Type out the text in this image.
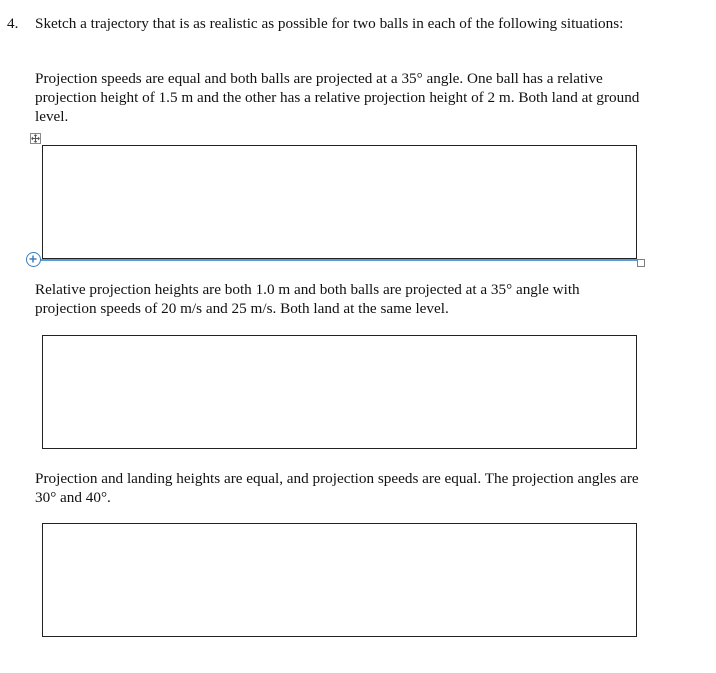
4. Sketch a trajectory that is as realistic as possible for two balls in each of the following situations:
Projection speeds are equal and both balls are projected at a 35° angle. One ball has a relative projection height of 1.5 m and the other has a relative projection height of 2 m. Both land at ground level.
Relative projection heights are both 1.0 m and both balls are projected at a 35° angle with projection speeds of 20 m/s and 25 m/s. Both land at the same level.
Projection and landing heights are equal, and projection speeds are equal. The projection angles are 30° and 40°.
